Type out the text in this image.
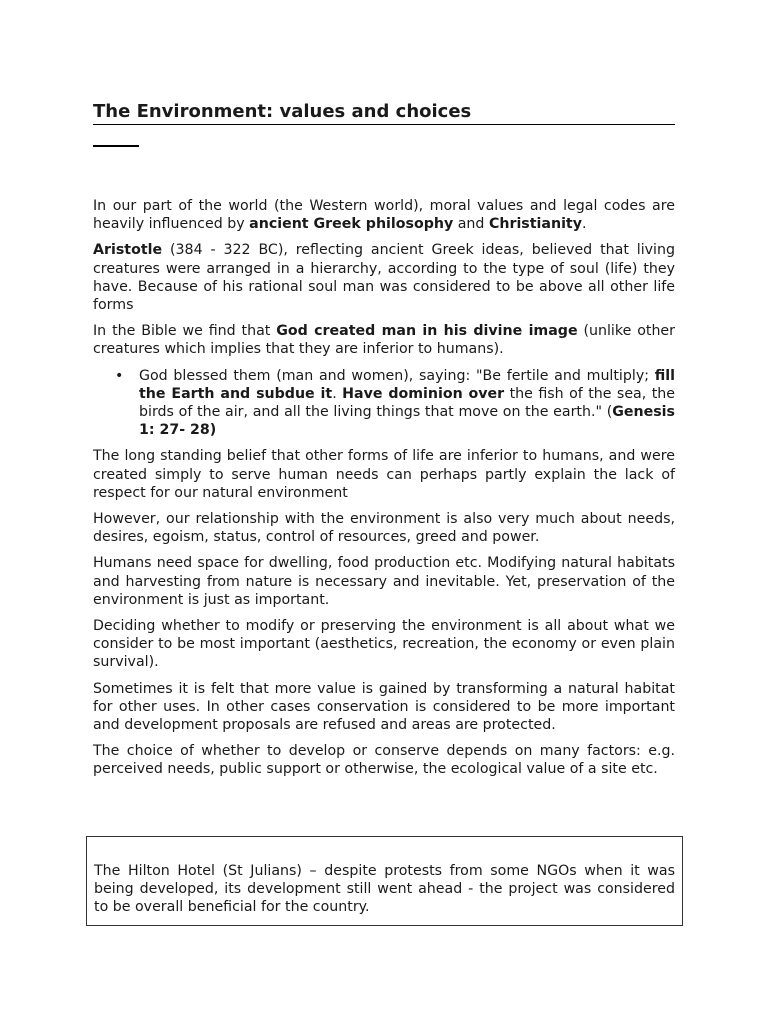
The Environment: values and choices

In our part of the world (the Western world), moral values and legal codes are heavily influenced by ancient Greek philosophy and Christianity.

Aristotle (384 - 322 BC), reflecting ancient Greek ideas, believed that living creatures were arranged in a hierarchy, according to the type of soul (life) they have. Because of his rational soul man was considered to be above all other life forms

In the Bible we find that God created man in his divine image (unlike other creatures which implies that they are inferior to humans).

• God blessed them (man and women), saying: "Be fertile and multiply; fill the Earth and subdue it. Have dominion over the fish of the sea, the birds of the air, and all the living things that move on the earth." (Genesis 1: 27- 28)

The long standing belief that other forms of life are inferior to humans, and were created simply to serve human needs can perhaps partly explain the lack of respect for our natural environment

However, our relationship with the environment is also very much about needs, desires, egoism, status, control of resources, greed and power.

Humans need space for dwelling, food production etc. Modifying natural habitats and harvesting from nature is necessary and inevitable. Yet, preservation of the environment is just as important.

Deciding whether to modify or preserving the environment is all about what we consider to be most important (aesthetics, recreation, the economy or even plain survival).

Sometimes it is felt that more value is gained by transforming a natural habitat for other uses. In other cases conservation is considered to be more important and development proposals are refused and areas are protected.

The choice of whether to develop or conserve depends on many factors: e.g. perceived needs, public support or otherwise, the ecological value of a site etc.

The Hilton Hotel (St Julians) – despite protests from some NGOs when it was being developed, its development still went ahead - the project was considered to be overall beneficial for the country.
